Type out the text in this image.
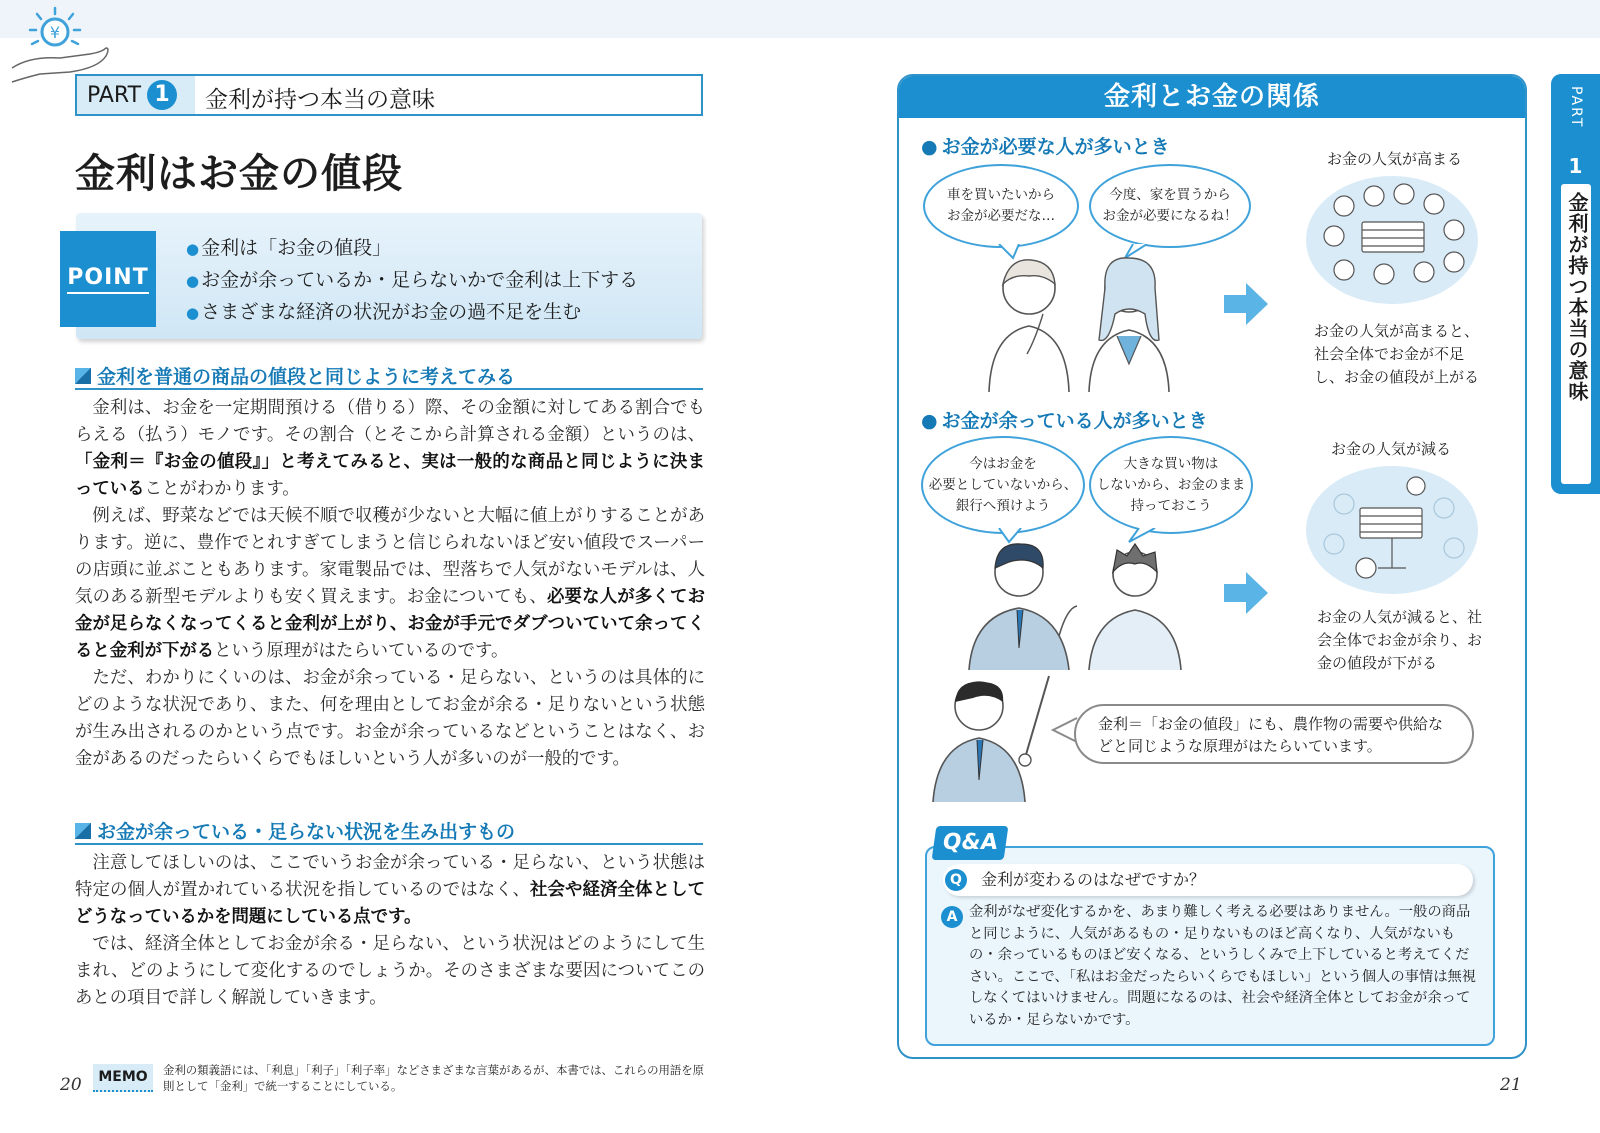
¥
PART 1	金利が持つ本当の意味
金利はお金の値段
● 金利は「お金の値段」
● お金が余っているか・足らないかで金利は上下する
● さまざまな経済の状況がお金の過不足を生む
POINT
金利を普通の商品の値段と同じように考えてみる

金利は、お金を一定期間預ける（借りる）際、その金額に対してある割合でもらえる（払う）モノです。その割合（とそこから計算される金額）というのは、「金利＝『お金の値段』」と考えてみると、実は一般的な商品と同じように決まっていることがわかります。

例えば、野菜などでは天候不順で収穫が少ないと大幅に値上がりすることがあります。逆に、豊作でとれすぎてしまうと信じられないほど安い値段でスーパーの店頭に並ぶこともあります。家電製品では、型落ちで人気がないモデルは、人気のある新型モデルよりも安く買えます。お金についても、必要な人が多くてお金が足らなくなってくると金利が上がり、お金が手元でダブついていて余ってくると金利が下がるという原理がはたらいているのです。

ただ、わかりにくいのは、お金が余っている・足らない、というのは具体的にどのような状況であり、また、何を理由としてお金が余る・足りないという状態が生み出されるのかという点です。お金が余っているなどということはなく、お金があるのだったらいくらでもほしいという人が多いのが一般的です。

お金が余っている・足らない状況を生み出すもの

注意してほしいのは、ここでいうお金が余っている・足らない、という状態は特定の個人が置かれている状況を指しているのではなく、社会や経済全体としてどうなっているかを問題にしている点です。

では、経済全体としてお金が余る・足らない、という状況はどのようにして生まれ、どのようにして変化するのでしょうか。そのさまざまな要因についてこのあとの項目で詳しく解説していきます。

20	MEMO	金利の類義語には、「利息」「利子」「利子率」などさまざまな言葉があるが、本書では、これらの用語を原則として「金利」で統一することにしている。
金利とお金の関係
● お金が必要な人が多いとき
車を買いたいから
お金が必要だな…
今度、家を買うから
お金が必要になるね！
お金の人気が高まる
お金の人気が高まると、
社会全体でお金が不足
し、お金の値段が上がる
● お金が余っている人が多いとき
今はお金を
必要としていないから、
銀行へ預けよう
大きな買い物は
しないから、お金のまま
持っておこう
お金の人気が減る
お金の人気が減ると、社
会全体でお金が余り、お
金の値段が下がる
金利＝「お金の値段」にも、農作物の需要や供給な
どと同じような原理がはたらいています。
金利が変わるのはなぜですか？
Q
A 金利がなぜ変化するかを、あまり難しく考える必要はありません。一般の商品と同じように、人気があるもの・足りないものほど高くなり、人気がないもの・余っているものほど安くなる、というしくみで上下していると考えてください。ここで、「私はお金だったらいくらでもほしい」という個人の事情は無視しなくてはいけません。問題になるのは、社会や経済全体としてお金が余っているか・足らないかです。
Q&A
21
PART
1
金利が持つ本当の意味
